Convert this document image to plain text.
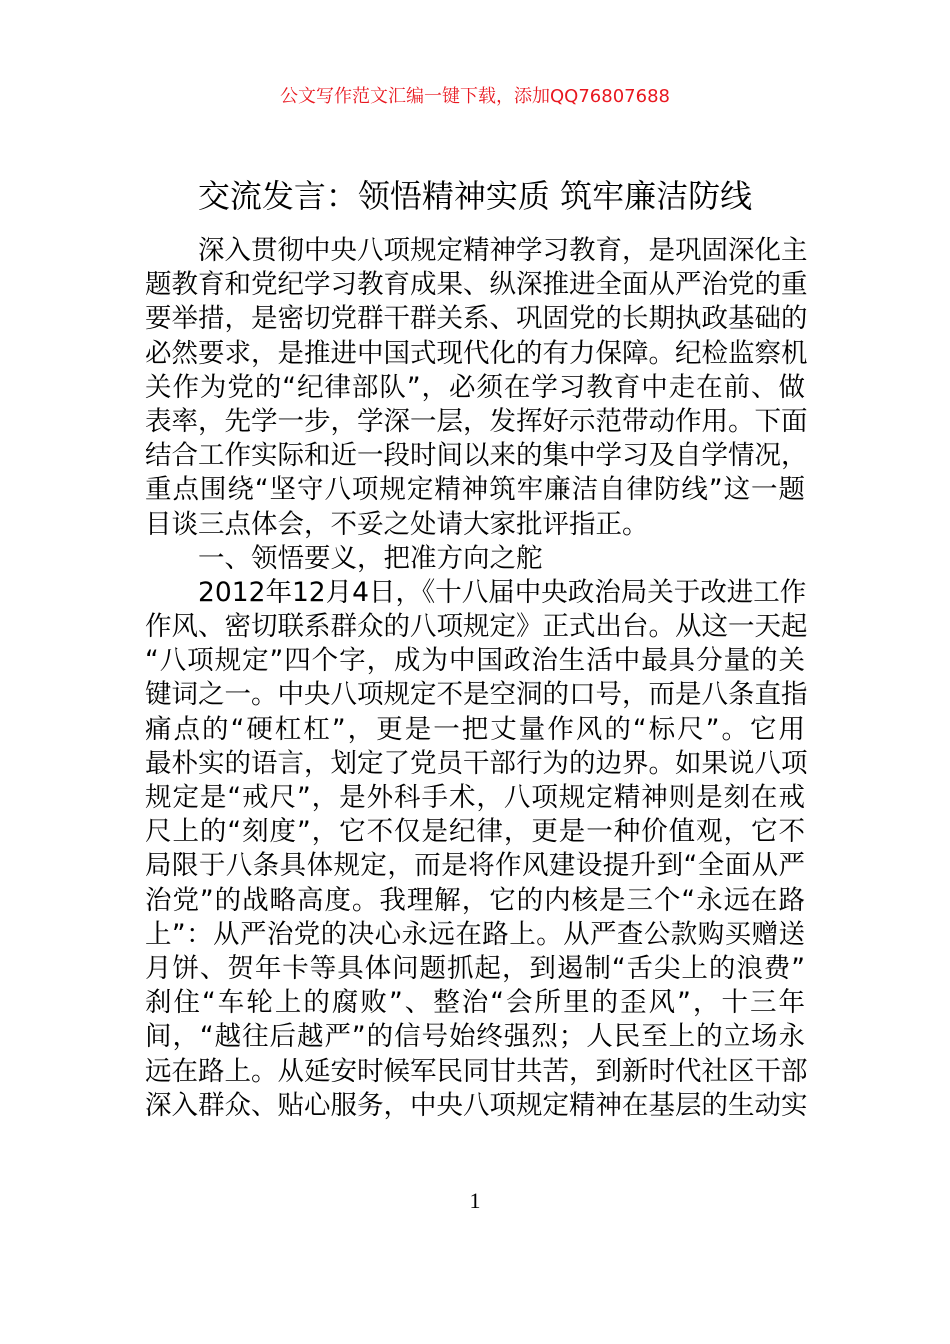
公文写作范文汇编一键下载，添加QQ76807688
交流发言：领悟精神实质 筑牢廉洁防线
深入贯彻中央八项规定精神学习教育，是巩固深化主
题教育和党纪学习教育成果、纵深推进全面从严治党的重
要举措，是密切党群干群关系、巩固党的长期执政基础的
必然要求，是推进中国式现代化的有力保障。纪检监察机
关作为党的“纪律部队”，必须在学习教育中走在前、做
表率，先学一步，学深一层，发挥好示范带动作用。下面
结合工作实际和近一段时间以来的集中学习及自学情况，
重点围绕“坚守八项规定精神筑牢廉洁自律防线”这一题
目谈三点体会，不妥之处请大家批评指正。
一、领悟要义，把准方向之舵
2012年12月4日，《十八届中央政治局关于改进工作
作风、密切联系群众的八项规定》正式出台。从这一天起
“八项规定”四个字，成为中国政治生活中最具分量的关
键词之一。中央八项规定不是空洞的口号，而是八条直指
痛点的“硬杠杠”，更是一把丈量作风的“标尺”。它用
最朴实的语言，划定了党员干部行为的边界。如果说八项
规定是“戒尺”，是外科手术，八项规定精神则是刻在戒
尺上的“刻度”，它不仅是纪律，更是一种价值观，它不
局限于八条具体规定，而是将作风建设提升到“全面从严
治党”的战略高度。我理解，它的内核是三个“永远在路
上”：从严治党的决心永远在路上。从严查公款购买赠送
月饼、贺年卡等具体问题抓起，到遏制“舌尖上的浪费”
刹住“车轮上的腐败”、整治“会所里的歪风”，十三年
间，“越往后越严”的信号始终强烈；人民至上的立场永
远在路上。从延安时候军民同甘共苦，到新时代社区干部
深入群众、贴心服务，中央八项规定精神在基层的生动实
1
